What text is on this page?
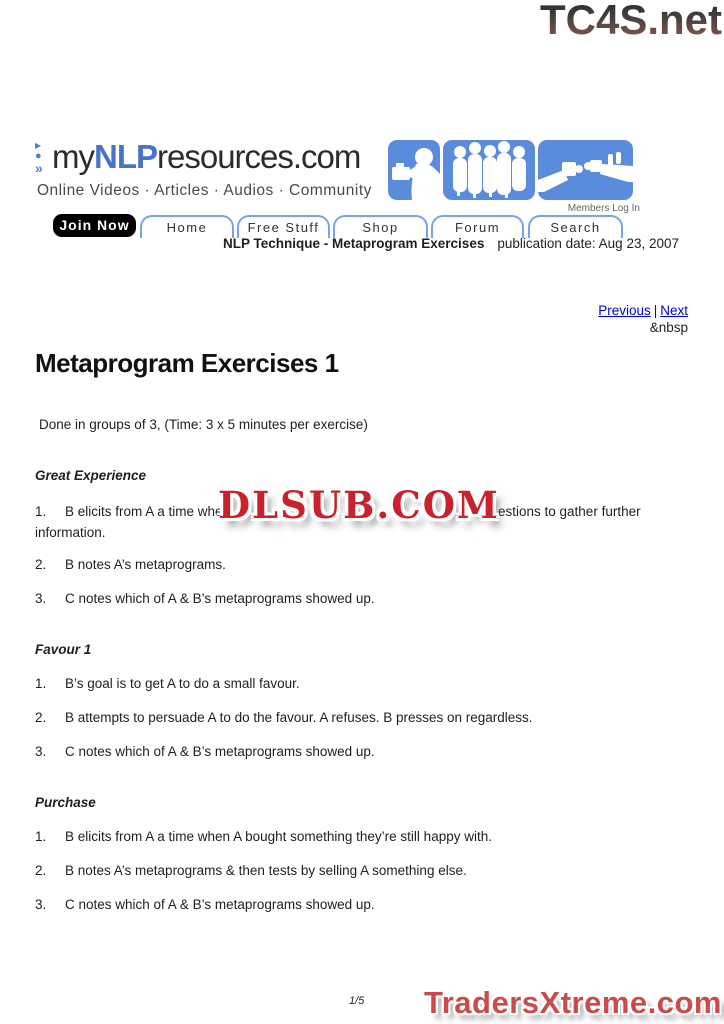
TC4S.net
▶
●
» myNLPresources.com
Online Videos · Articles · Audios · Community
Members Log In
Join Now	Home	Free Stuff	Shop	Forum	Search
NLP Technique - Metaprogram Exercises publication date: Aug 23, 2007
Previous | Next
&nbsp
Metaprogram Exercises 1
Done in groups of 3, (Time: 3 x 5 minutes per exercise)
Great Experience
1. B elicits from A a time whe	estions to gather further
DLSUB.COM
information.
2. B notes A’s metaprograms.
3. C notes which of A & B’s metaprograms showed up.
Favour 1
1. B’s goal is to get A to do a small favour.
2. B attempts to persuade A to do the favour. A refuses. B presses on regardless.
3. C notes which of A & B’s metaprograms showed up.
Purchase
1. B elicits from A a time when A bought something they’re still happy with.
2. B notes A’s metaprograms & then tests by selling A something else.
3. C notes which of A & B’s metaprograms showed up.
1/5 TradersXtreme.com
